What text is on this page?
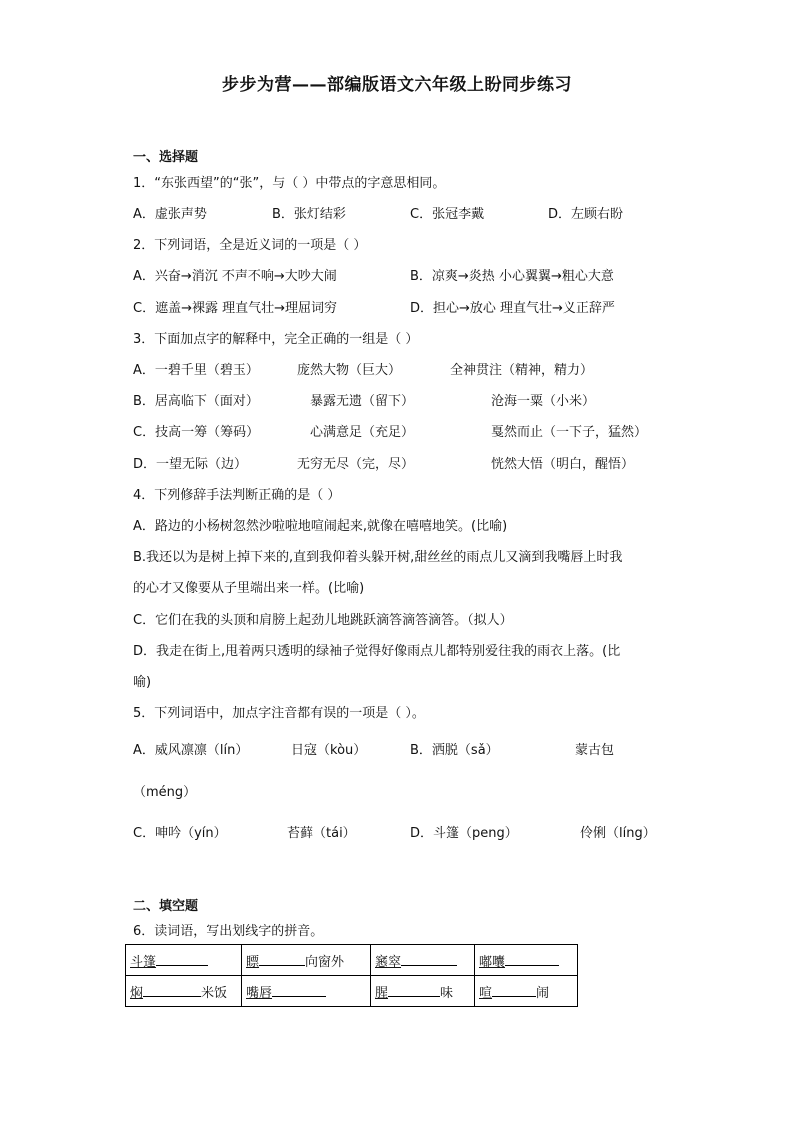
步步为营——部编版语文六年级上盼同步练习
一、选择题
1．“东张西望”的“张”，与（ ）中带点的字意思相同。
A．虚张声势	B．张灯结彩	C．张冠李戴	D．左顾右盼
2．下列词语，全是近义词的一项是（ ）
A．兴奋→消沉 不声不响→大吵大闹	B．凉爽→炎热 小心翼翼→粗心大意
C．遮盖→裸露 理直气壮→理屈词穷	D．担心→放心 理直气壮→义正辞严
3．下面加点字的解释中，完全正确的一组是（ ）
A．一碧千里（碧玉）	庞然大物（巨大）	全神贯注（精神，精力）
B．居高临下（面对）	暴露无遗（留下）	沧海一粟（小米）
C．技高一筹（筹码）	心满意足（充足）	戛然而止（一下子，猛然）
D．一望无际（边）	无穷无尽（完，尽）	恍然大悟（明白，醒悟）
4．下列修辞手法判断正确的是（ ）
A．路边的小杨树忽然沙啦啦地喧闹起来,就像在嘻嘻地笑。(比喻)
B.我还以为是树上掉下来的,直到我仰着头躲开树,甜丝丝的雨点儿又滴到我嘴唇上时我
的心才又像要从子里端出来一样。(比喻)
C．它们在我的头顶和肩膀上起劲儿地跳跃滴答滴答滴答。（拟人）
D．我走在街上,甩着两只透明的绿袖子觉得好像雨点儿都特别爱往我的雨衣上落。(比
喻)
5．下列词语中，加点字注音都有误的一项是（ ）。
A．威风凛凛（lín）	日寇（kòu）	B．洒脱（sǎ）	蒙古包
（méng）
C．呻吟（yín）	苔藓（tái）	D．斗篷（peng）	伶俐（líng）
二、填空题
6．读词语，写出划线字的拼音。
斗篷	瞟 向窗外	窸窣	嘟囔
焖 米饭	嘴唇	腥 味	喧 闹
